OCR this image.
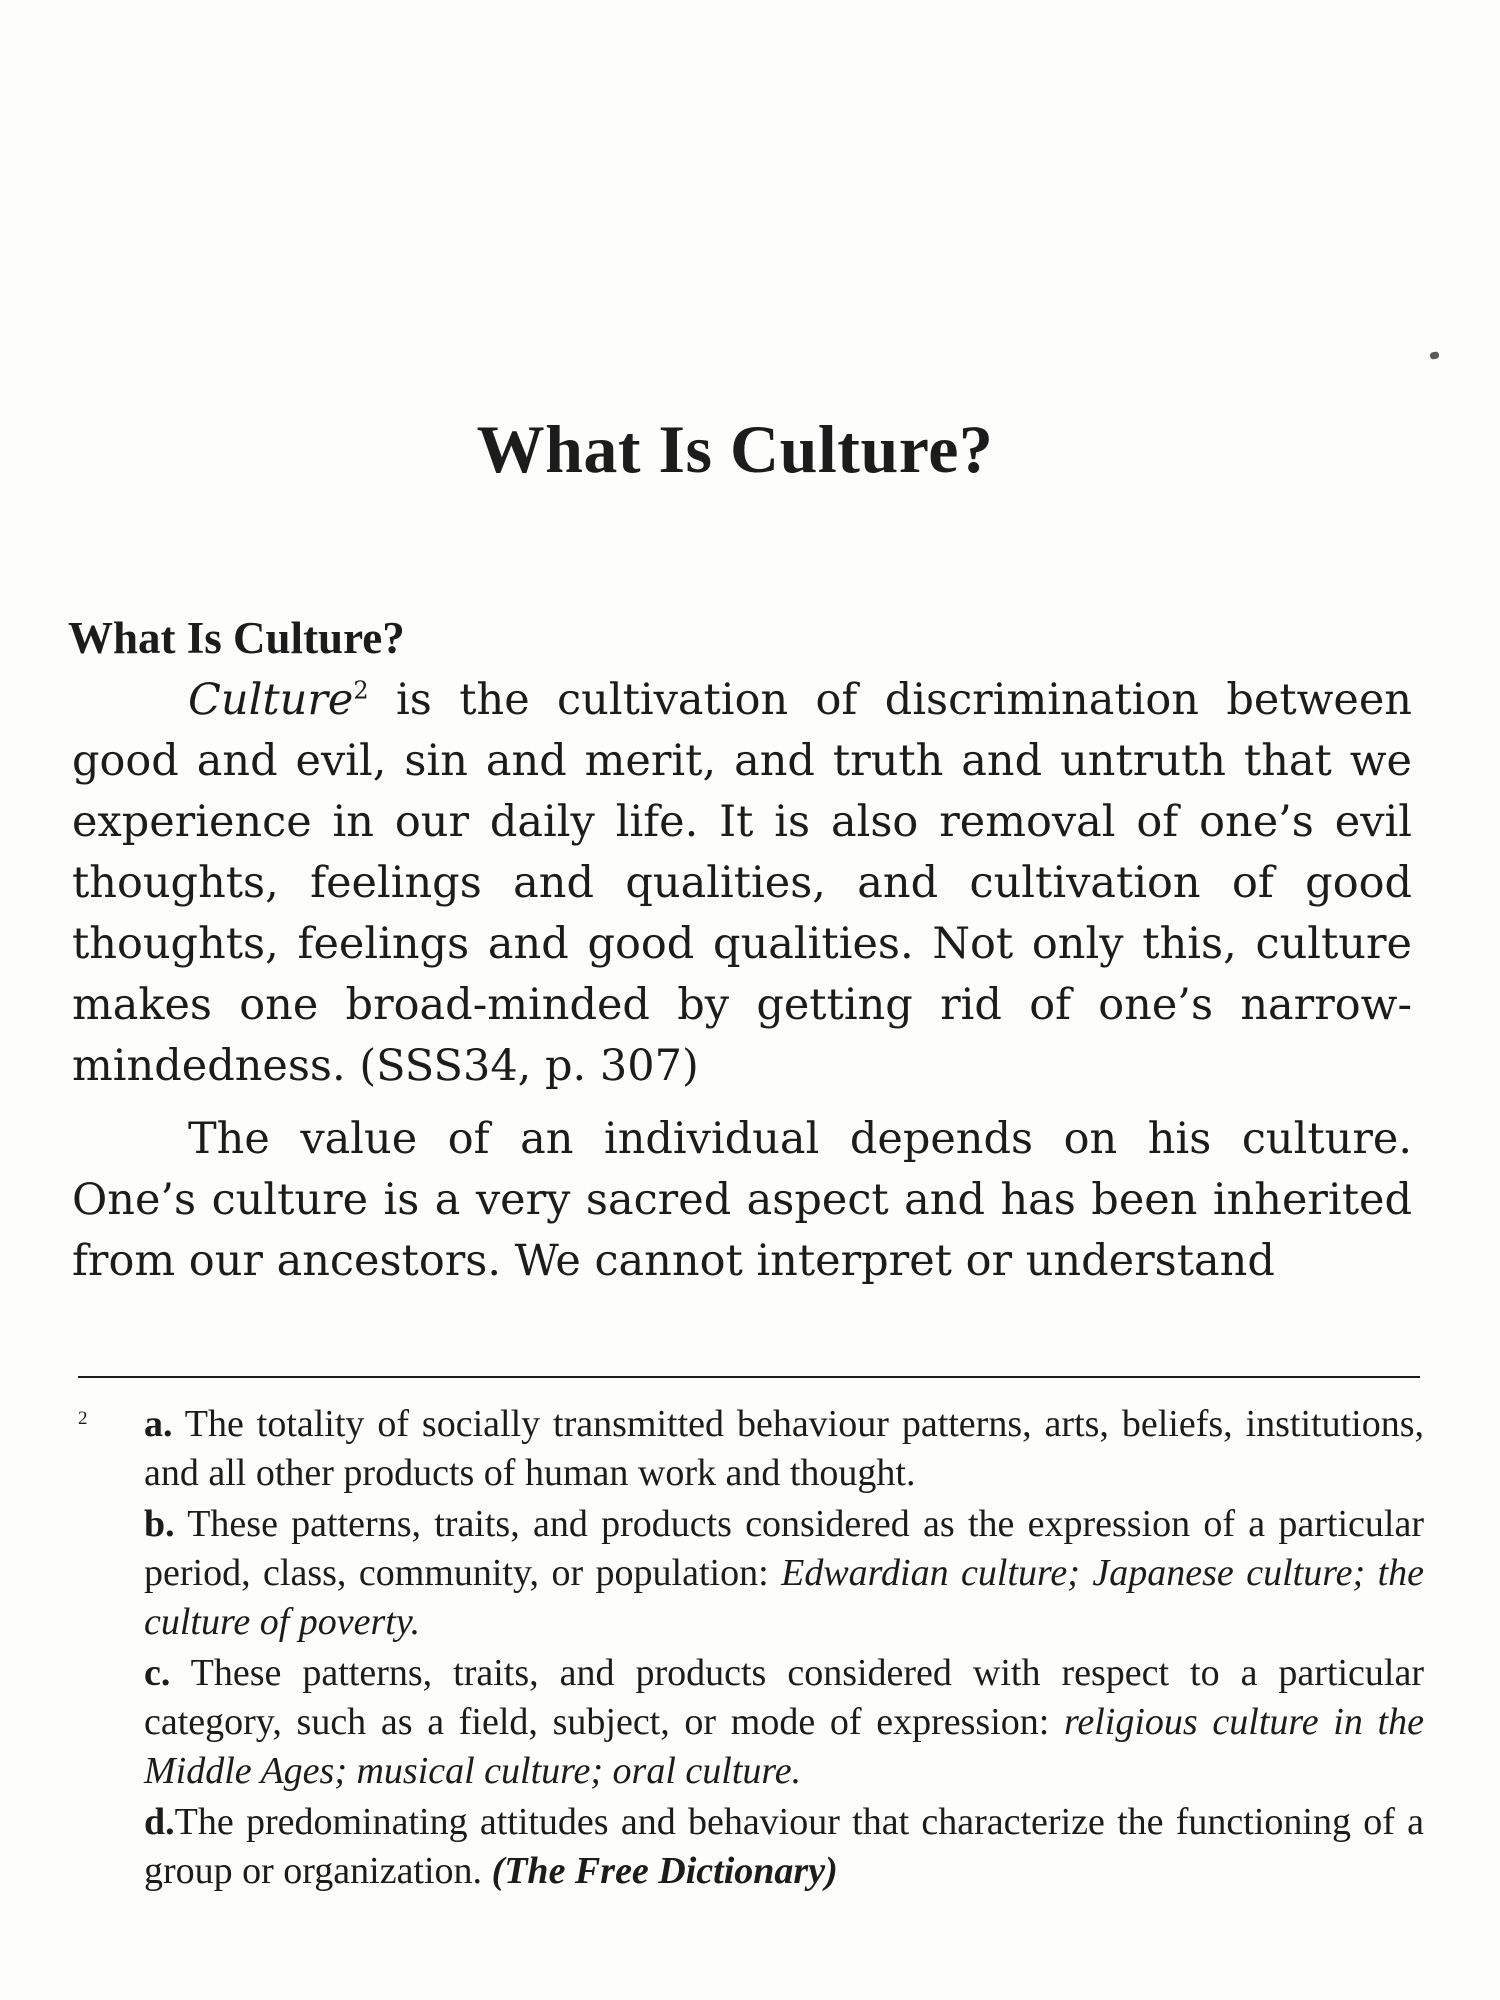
What Is Culture?
What Is Culture?

Culture$^2$ is the cultivation of discrimination between good and evil, sin and merit, and truth and untruth that we experience in our daily life. It is also removal of one’s evil thoughts, feelings and qualities, and cultivation of good thoughts, feelings and good qualities. Not only this, culture makes one broad-minded by getting rid of one’s narrow-mindedness. (SSS34, p. 307)

The value of an individual depends on his culture. One’s culture is a very sacred aspect and has been inherited from our ancestors. We cannot interpret or understand

2 a. The totality of socially transmitted behaviour patterns, arts, beliefs, institutions, and all other products of human work and thought.

b. These patterns, traits, and products considered as the expression of a particular period, class, community, or population: Edwardian culture; Japanese culture; the culture of poverty.

c. These patterns, traits, and products considered with respect to a particular category, such as a field, subject, or mode of expression: religious culture in the Middle Ages; musical culture; oral culture.

d.The predominating attitudes and behaviour that characterize the functioning of a group or organization. (The Free Dictionary)
